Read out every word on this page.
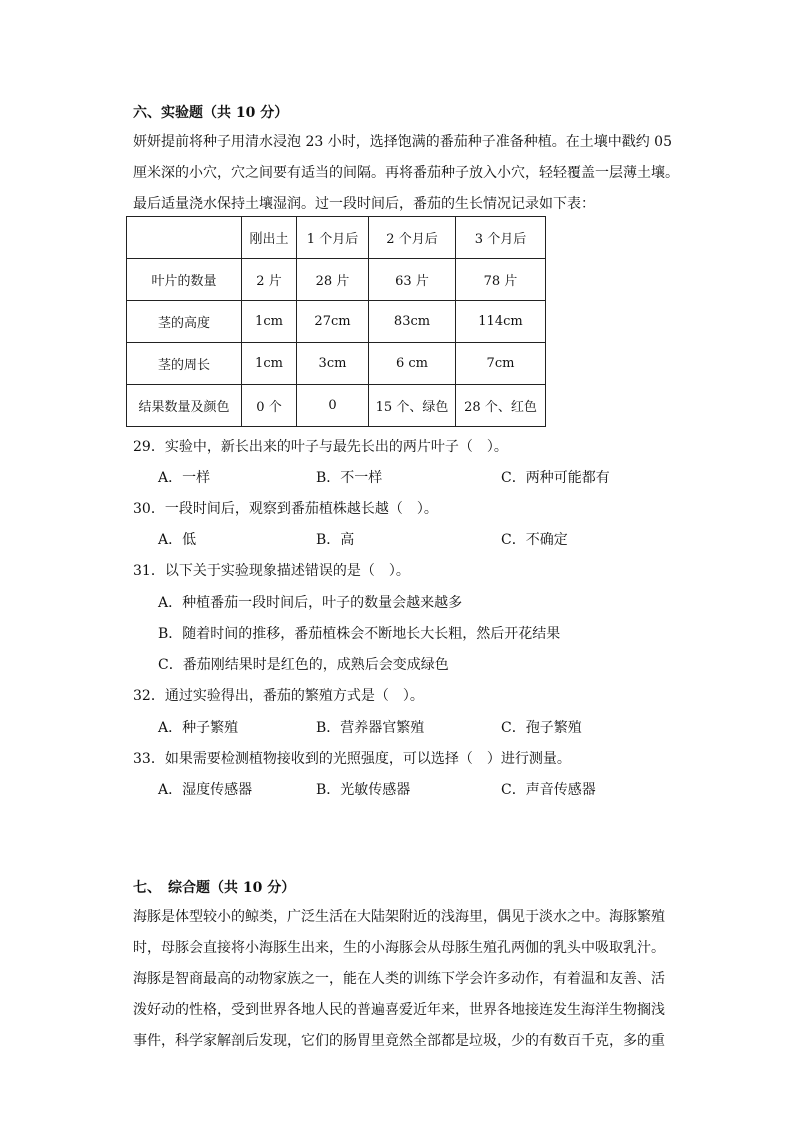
六、实验题（共 10 分）
妍妍提前将种子用清水浸泡 23 小时，选择饱满的番茄种子准备种植。在土壤中戳约 05
厘米深的小穴，穴之间要有适当的间隔。再将番茄种子放入小穴，轻轻覆盖一层薄土壤。
最后适量浇水保持土壤湿润。过一段时间后，番茄的生长情况记录如下表：
	刚出土	1 个月后	2 个月后	3 个月后
叶片的数量	2 片	28 片	63 片	78 片
茎的高度	1cm	27cm	83cm	114cm
茎的周长	1cm	3cm	6 cm	7cm
结果数量及颜色	0 个	0	15 个、绿色	28 个、红色
29．实验中，新长出来的叶子与最先长出的两片叶子（　）。
A．一样	B．不一样	C．两种可能都有
30．一段时间后，观察到番茄植株越长越（　）。
A．低	B．高	C．不确定
31．以下关于实验现象描述错误的是（　）。
A．种植番茄一段时间后，叶子的数量会越来越多
B．随着时间的推移，番茄植株会不断地长大长粗，然后开花结果
C．番茄刚结果时是红色的，成熟后会变成绿色
32．通过实验得出，番茄的繁殖方式是（　）。
A．种子繁殖	B．营养器官繁殖	C．孢子繁殖
33．如果需要检测植物接收到的光照强度，可以选择（　）进行测量。
A．湿度传感器	B．光敏传感器	C．声音传感器
七、　综合题（共 10 分）
海豚是体型较小的鲸类，广泛生活在大陆架附近的浅海里，偶见于淡水之中。海豚繁殖
时，母豚会直接将小海豚生出来，生的小海豚会从母豚生殖孔两伽的乳头中吸取乳汁。
海豚是智商最高的动物家族之一，能在人类的训练下学会许多动作，有着温和友善、活
泼好动的性格，受到世界各地人民的普遍喜爱近年来，世界各地接连发生海洋生物搁浅
事件，科学家解剖后发现，它们的肠胃里竟然全部都是垃圾，少的有数百千克，多的重
